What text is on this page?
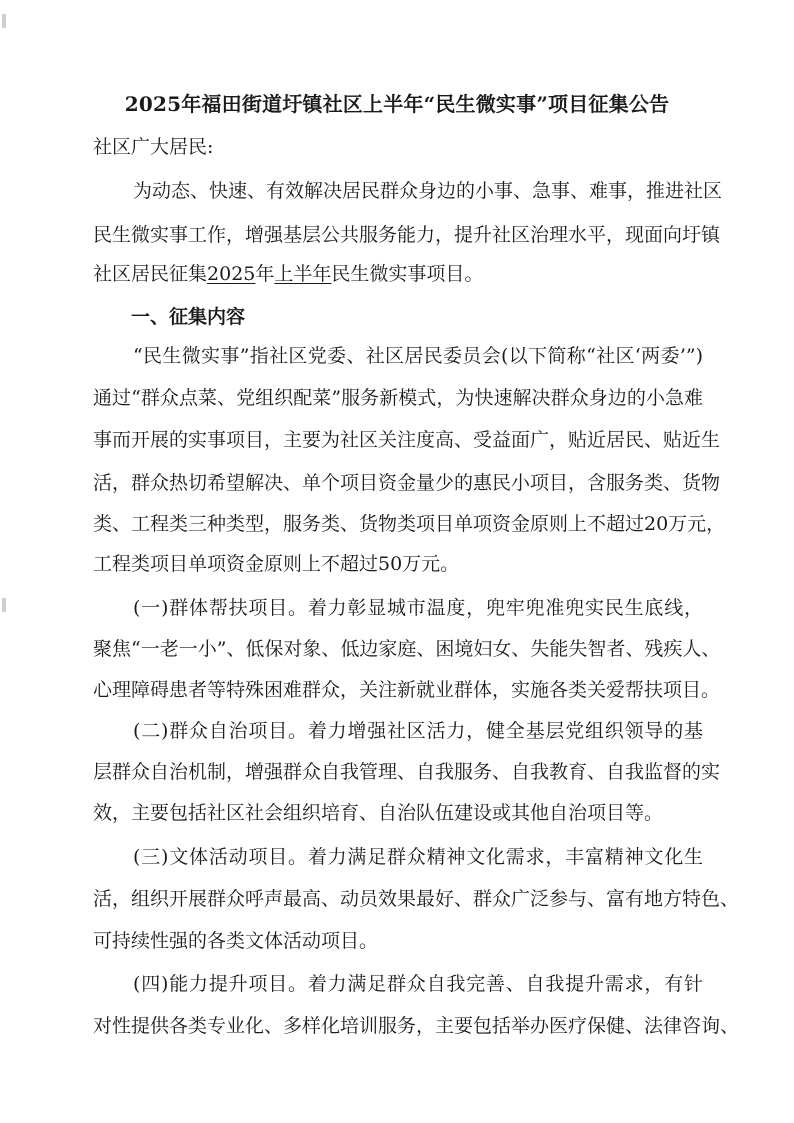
2025年福田街道圩镇社区上半年“民生微实事”项目征集公告
社区广大居民:
为动态、快速、有效解决居民群众身边的小事、急事、难事，推进社区
民生微实事工作，增强基层公共服务能力，提升社区治理水平，现面向圩镇
社区居民征集2025年上半年民生微实事项目。
一、征集内容
“民生微实事”指社区党委、社区居民委员会(以下简称“社区‘两委’”)
通过“群众点菜、党组织配菜”服务新模式，为快速解决群众身边的小急难
事而开展的实事项目，主要为社区关注度高、受益面广，贴近居民、贴近生
活，群众热切希望解决、单个项目资金量少的惠民小项目，含服务类、货物
类、工程类三种类型，服务类、货物类项目单项资金原则上不超过20万元，
工程类项目单项资金原则上不超过50万元。
(一)群体帮扶项目。着力彰显城市温度，兜牢兜准兜实民生底线，
聚焦“一老一小”、低保对象、低边家庭、困境妇女、失能失智者、残疾人、
心理障碍患者等特殊困难群众，关注新就业群体，实施各类关爱帮扶项目。
(二)群众自治项目。着力增强社区活力，健全基层党组织领导的基
层群众自治机制，增强群众自我管理、自我服务、自我教育、自我监督的实
效，主要包括社区社会组织培育、自治队伍建设或其他自治项目等。
(三)文体活动项目。着力满足群众精神文化需求，丰富精神文化生
活，组织开展群众呼声最高、动员效果最好、群众广泛参与、富有地方特色、
可持续性强的各类文体活动项目。
(四)能力提升项目。着力满足群众自我完善、自我提升需求，有针
对性提供各类专业化、多样化培训服务，主要包括举办医疗保健、法律咨询、
